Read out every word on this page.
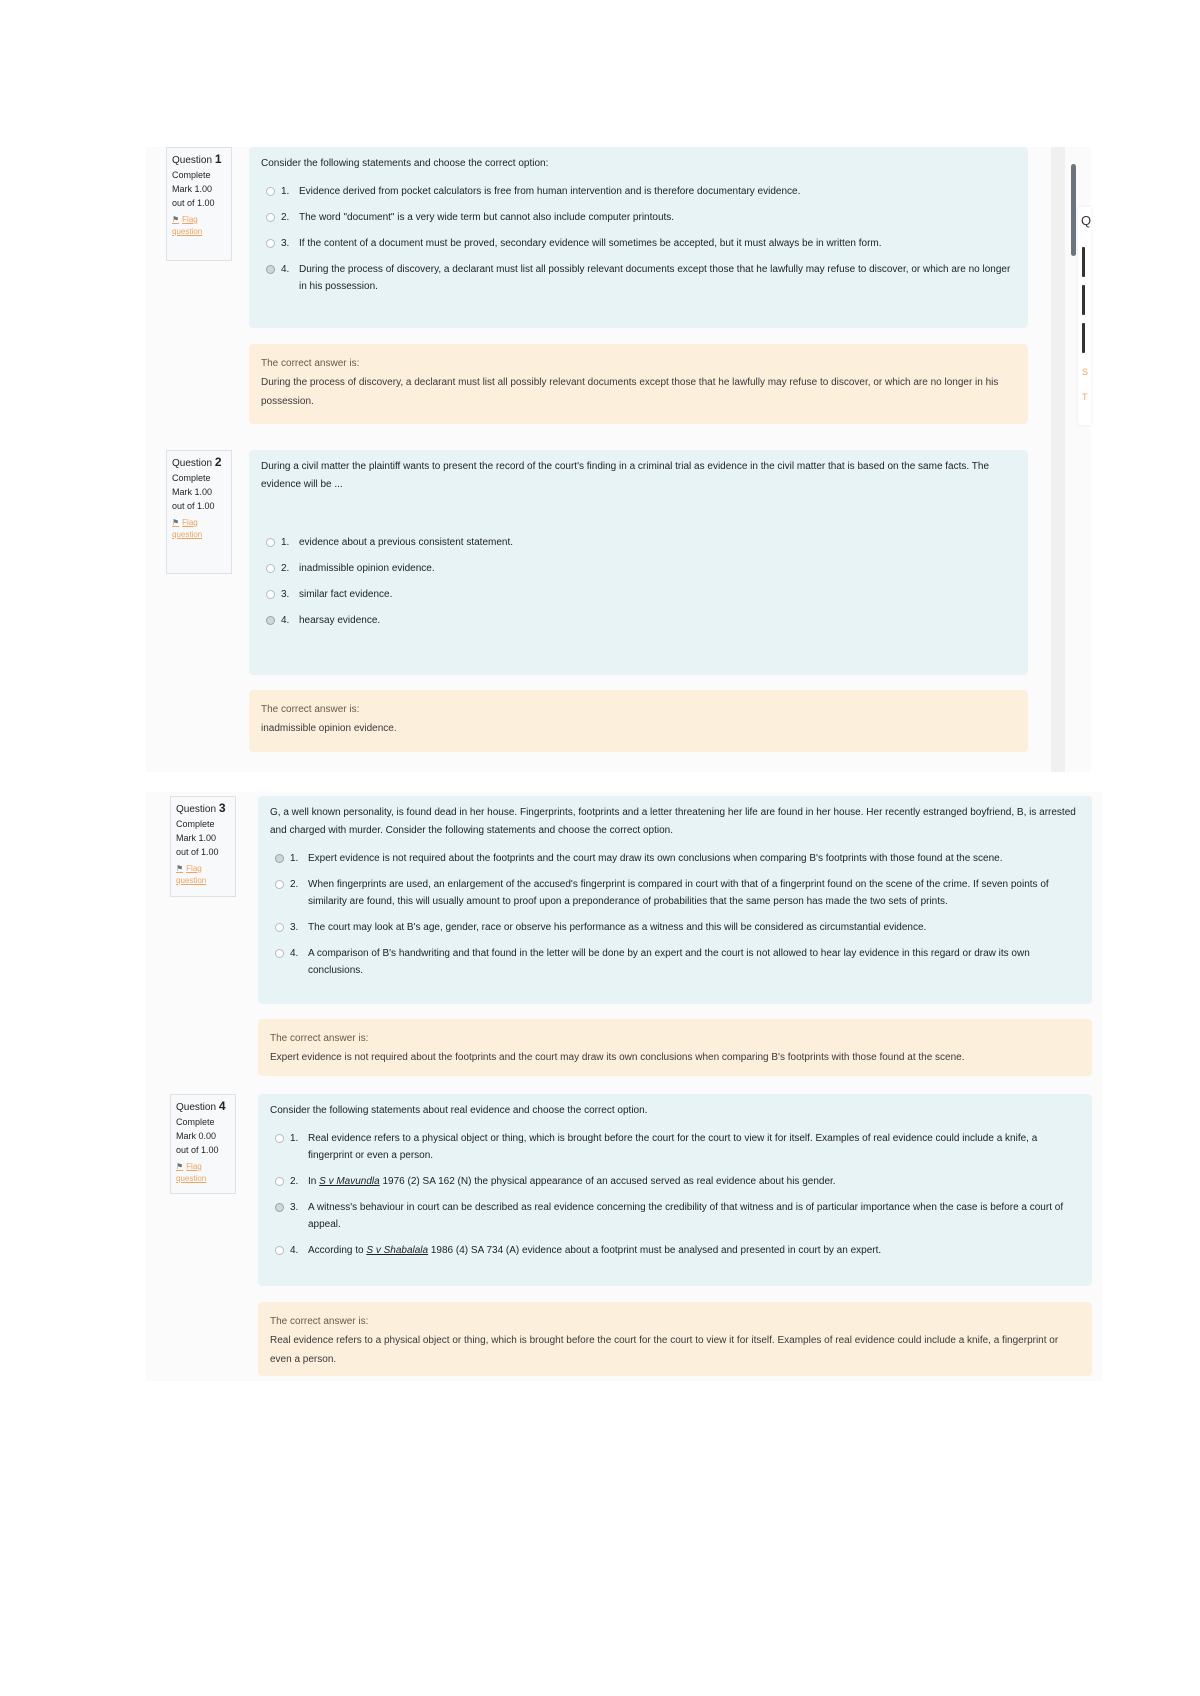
Question 1
Complete
Mark 1.00 out of 1.00
⚑ Flag question

Consider the following statements and choose the correct option:

1. Evidence derived from pocket calculators is free from human intervention and is therefore documentary evidence.
2. The word "document" is a very wide term but cannot also include computer printouts.
3. If the content of a document must be proved, secondary evidence will sometimes be accepted, but it must always be in written form.
4. During the process of discovery, a declarant must list all possibly relevant documents except those that he lawfully may refuse to discover, or which are no longer in his possession.
The correct answer is:
During the process of discovery, a declarant must list all possibly relevant documents except those that he lawfully may refuse to discover, or which are no longer in his possession.
Question 2
Complete
Mark 1.00 out of 1.00
⚑ Flag question

During a civil matter the plaintiff wants to present the record of the court's finding in a criminal trial as evidence in the civil matter that is based on the same facts. The evidence will be ...

1. evidence about a previous consistent statement.
2. inadmissible opinion evidence.
3. similar fact evidence.
4. hearsay evidence.
The correct answer is:
inadmissible opinion evidence.
Q
S
T
Question 3
Complete
Mark 1.00 out of 1.00
⚑ Flag question

G, a well known personality, is found dead in her house. Fingerprints, footprints and a letter threatening her life are found in her house. Her recently estranged boyfriend, B, is arrested and charged with murder. Consider the following statements and choose the correct option.

1. Expert evidence is not required about the footprints and the court may draw its own conclusions when comparing B's footprints with those found at the scene.
2. When fingerprints are used, an enlargement of the accused's fingerprint is compared in court with that of a fingerprint found on the scene of the crime. If seven points of similarity are found, this will usually amount to proof upon a preponderance of probabilities that the same person has made the two sets of prints.
3. The court may look at B's age, gender, race or observe his performance as a witness and this will be considered as circumstantial evidence.
4. A comparison of B's handwriting and that found in the letter will be done by an expert and the court is not allowed to hear lay evidence in this regard or draw its own conclusions.
The correct answer is:
Expert evidence is not required about the footprints and the court may draw its own conclusions when comparing B's footprints with those found at the scene.
Question 4
Complete
Mark 0.00 out of 1.00
⚑ Flag question

Consider the following statements about real evidence and choose the correct option.

1. Real evidence refers to a physical object or thing, which is brought before the court for the court to view it for itself. Examples of real evidence could include a knife, a fingerprint or even a person.
2. In S v Mavundla 1976 (2) SA 162 (N) the physical appearance of an accused served as real evidence about his gender.
3. A witness's behaviour in court can be described as real evidence concerning the credibility of that witness and is of particular importance when the case is before a court of appeal.
4. According to S v Shabalala 1986 (4) SA 734 (A) evidence about a footprint must be analysed and presented in court by an expert.
The correct answer is:
Real evidence refers to a physical object or thing, which is brought before the court for the court to view it for itself. Examples of real evidence could include a knife, a fingerprint or even a person.
